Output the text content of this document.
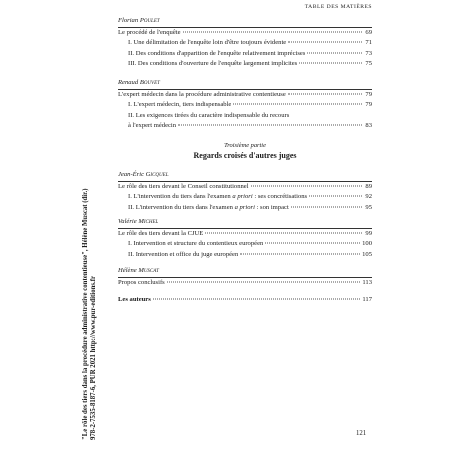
TABLE DES MATIÈRES
Florian Poulet
Le procédé de l'enquête	69
I. Une délimitation de l'enquête loin d'être toujours évidente	71
II. Des conditions d'apparition de l'enquête relativement imprécises	73
III. Des conditions d'ouverture de l'enquête largement implicites	75
Renaud Bouvet
L'expert médecin dans la procédure administrative contentieuse	79
I. L'expert médecin, tiers indispensable	79
II. Les exigences tirées du caractère indispensable du recours
à l'expert médecin	83
Troisième partie
Regards croisés d'autres juges
Jean-Éric Gicquel
Le rôle des tiers devant le Conseil constitutionnel	89
I. L'intervention du tiers dans l'examen a priori : ses concrétisations	92
II. L'intervention du tiers dans l'examen a priori : son impact	95
Valérie Michel
Le rôle des tiers devant la CJUE	99
I. Intervention et structure du contentieux européen	100
II. Intervention et office du juge européen	105
Hélène Muscat
Propos conclusifs	113
Les auteurs	117
121
"Le rôle des tiers dans la procédure administrative contentieuse", Hélène Muscat (dir.) 978-2-7535-8187-6, PUR 2021 http://www.pur-editions.fr
